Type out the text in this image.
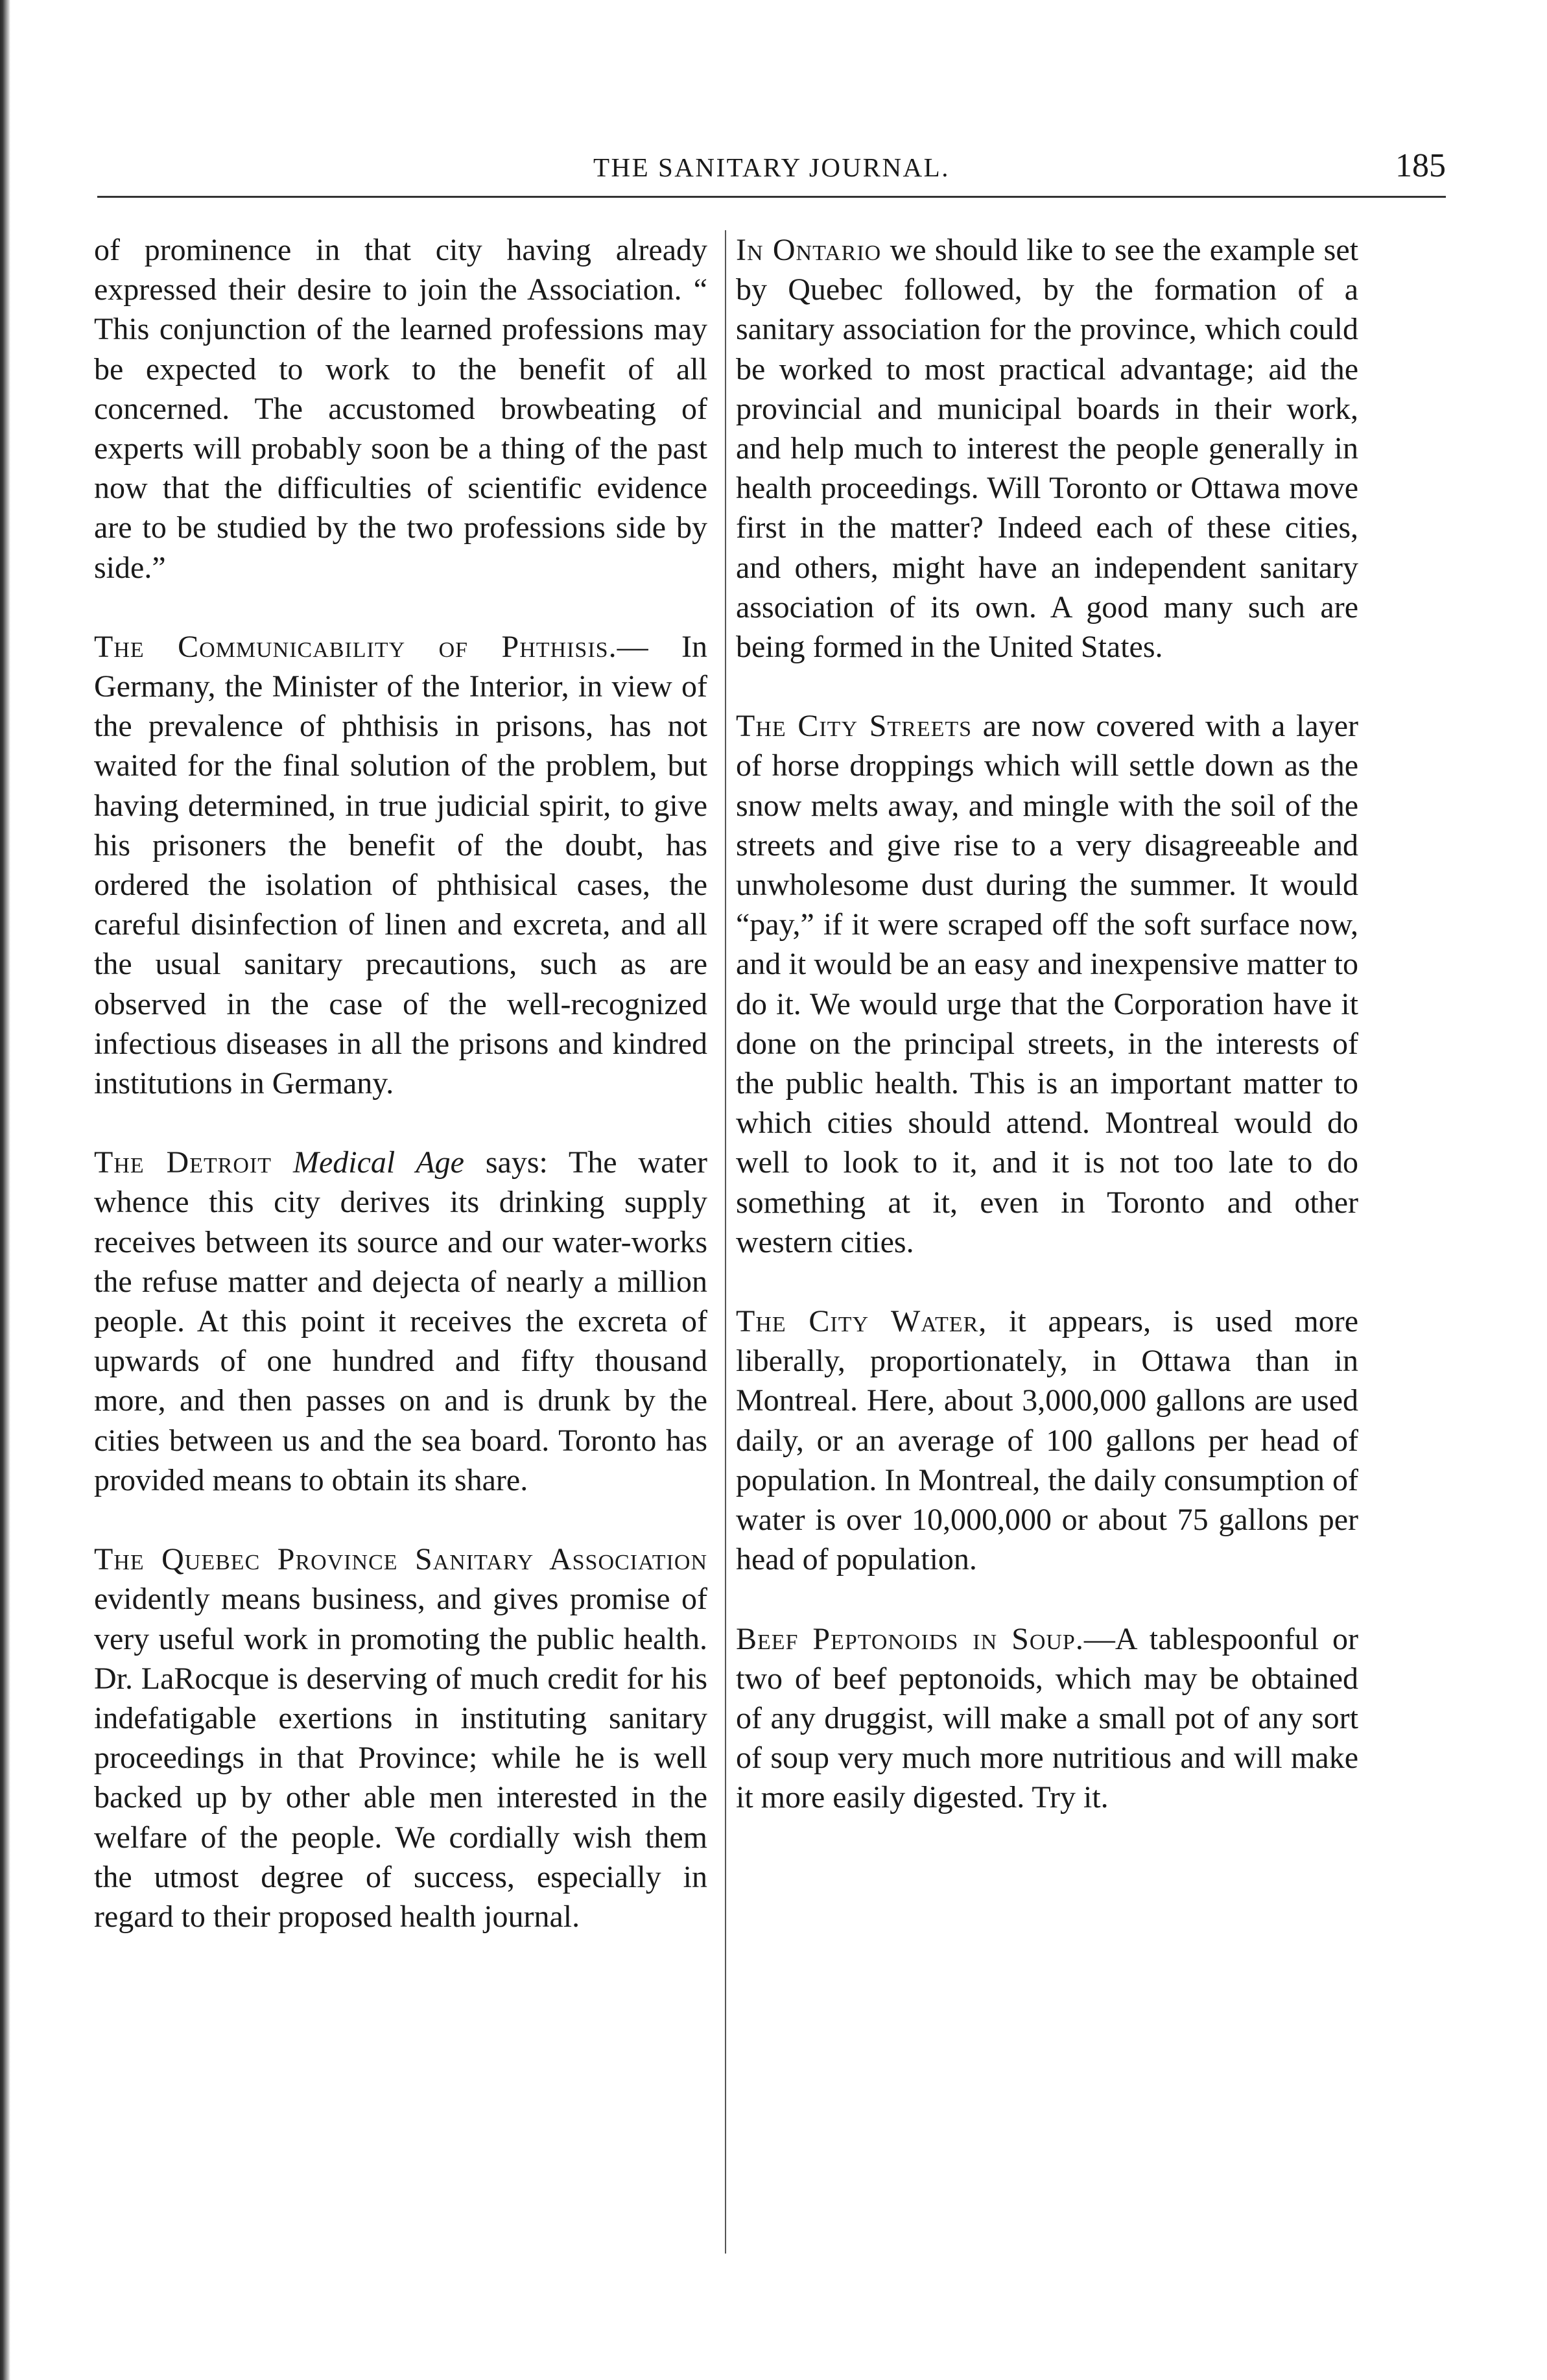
THE SANITARY JOURNAL.	185

of prominence in that city having already expressed their desire to join the Association. “ This conjunction of the learned professions may be expected to work to the benefit of all concerned. The accustomed browbeating of experts will probably soon be a thing of the past now that the difficulties of scientific evidence are to be studied by the two professions side by side.”

The Communicability of Phthisis.— In Germany, the Minister of the Interior, in view of the prevalence of phthisis in prisons, has not waited for the final solution of the problem, but having determined, in true judicial spirit, to give his prisoners the benefit of the doubt, has ordered the isolation of phthisical cases, the careful disinfection of linen and excreta, and all the usual sanitary precautions, such as are observed in the case of the well-recognized infectious diseases in all the prisons and kindred institutions in Germany.

The Detroit Medical Age says: The water whence this city derives its drinking supply receives between its source and our water-works the refuse matter and dejecta of nearly a million people. At this point it receives the excreta of upwards of one hundred and fifty thousand more, and then passes on and is drunk by the cities between us and the sea board. Toronto has provided means to obtain its share.

The Quebec Province Sanitary Association evidently means business, and gives promise of very useful work in promoting the public health. Dr. LaRocque is deserving of much credit for his indefatigable exertions in instituting sanitary proceedings in that Province; while he is well backed up by other able men interested in the welfare of the people. We cordially wish them the utmost degree of success, especially in regard to their proposed health journal.

In Ontario we should like to see the example set by Quebec followed, by the formation of a sanitary association for the province, which could be worked to most practical advantage; aid the provincial and municipal boards in their work, and help much to interest the people generally in health proceedings. Will Toronto or Ottawa move first in the matter? Indeed each of these cities, and others, might have an independent sanitary association of its own. A good many such are being formed in the United States.

The City Streets are now covered with a layer of horse droppings which will settle down as the snow melts away, and mingle with the soil of the streets and give rise to a very disagreeable and unwholesome dust during the summer. It would “pay,” if it were scraped off the soft surface now, and it would be an easy and inexpensive matter to do it. We would urge that the Corporation have it done on the principal streets, in the interests of the public health. This is an important matter to which cities should attend. Montreal would do well to look to it, and it is not too late to do something at it, even in Toronto and other western cities.

The City Water, it appears, is used more liberally, proportionately, in Ottawa than in Montreal. Here, about 3,000,000 gallons are used daily, or an average of 100 gallons per head of population. In Montreal, the daily consumption of water is over 10,000,000 or about 75 gallons per head of population.

Beef Peptonoids in Soup.—A tablespoonful or two of beef peptonoids, which may be obtained of any druggist, will make a small pot of any sort of soup very much more nutritious and will make it more easily digested. Try it.
